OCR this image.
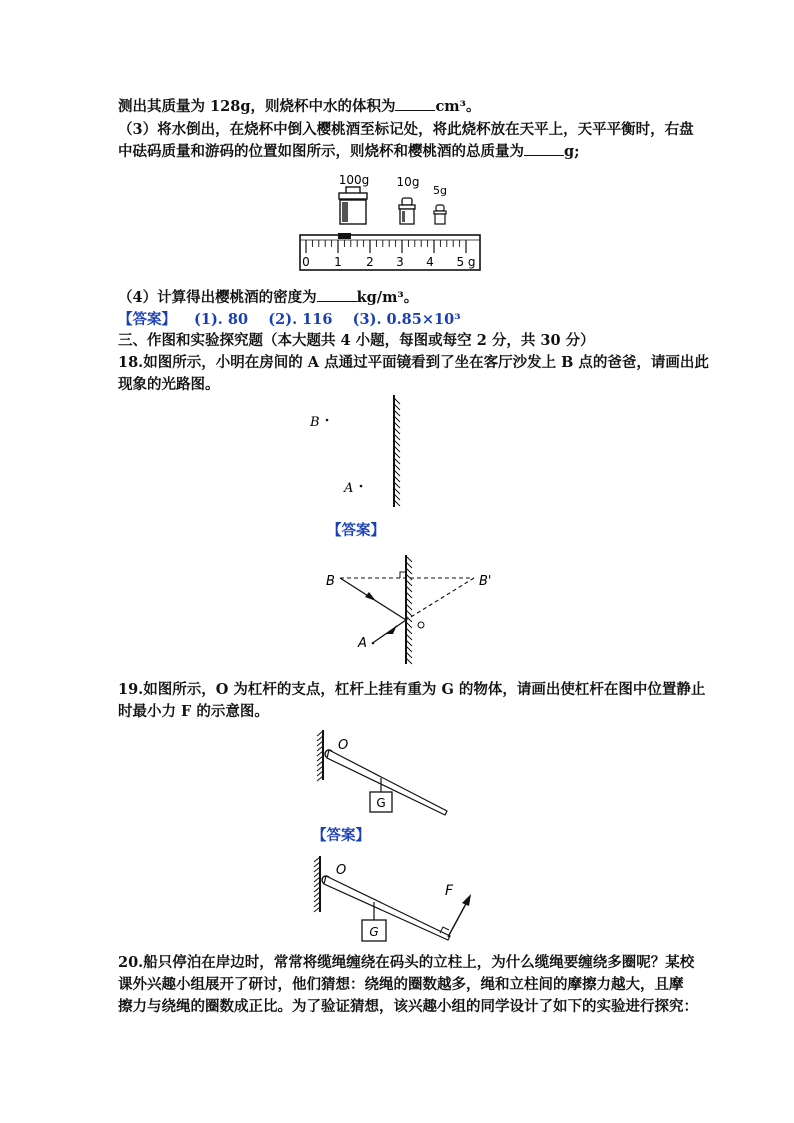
测出其质量为 128g，则烧杯中水的体积为	cm³。
（3）将水倒出，在烧杯中倒入樱桃酒至标记处，将此烧杯放在天平上，天平平衡时，右盘
中砝码质量和游码的位置如图所示，则烧杯和樱桃酒的总质量为	g;
100g 10g
5g
0 1 2 3 4 5 g
（4）计算得出樱桃酒的密度为	kg/m³。
【答案】 (1). 80    (2). 116    (3). 0.85×10³
三、作图和实验探究题（本大题共 4 小题，每图或每空 2 分，共 30 分）
18.如图所示，小明在房间的 A 点通过平面镜看到了坐在客厅沙发上 B 点的爸爸，请画出此
现象的光路图。
B
A
【答案】
B	B'
A
19.如图所示，O 为杠杆的支点，杠杆上挂有重为 G 的物体，请画出使杠杆在图中位置静止
时最小力 F 的示意图。
G
O
【答案】
G
O
F
20.船只停泊在岸边时，常常将缆绳缠绕在码头的立柱上，为什么缆绳要缠绕多圈呢？某校
课外兴趣小组展开了研讨，他们猜想：绕绳的圈数越多，绳和立柱间的摩擦力越大，且摩
擦力与绕绳的圈数成正比。为了验证猜想，该兴趣小组的同学设计了如下的实验进行探究：
